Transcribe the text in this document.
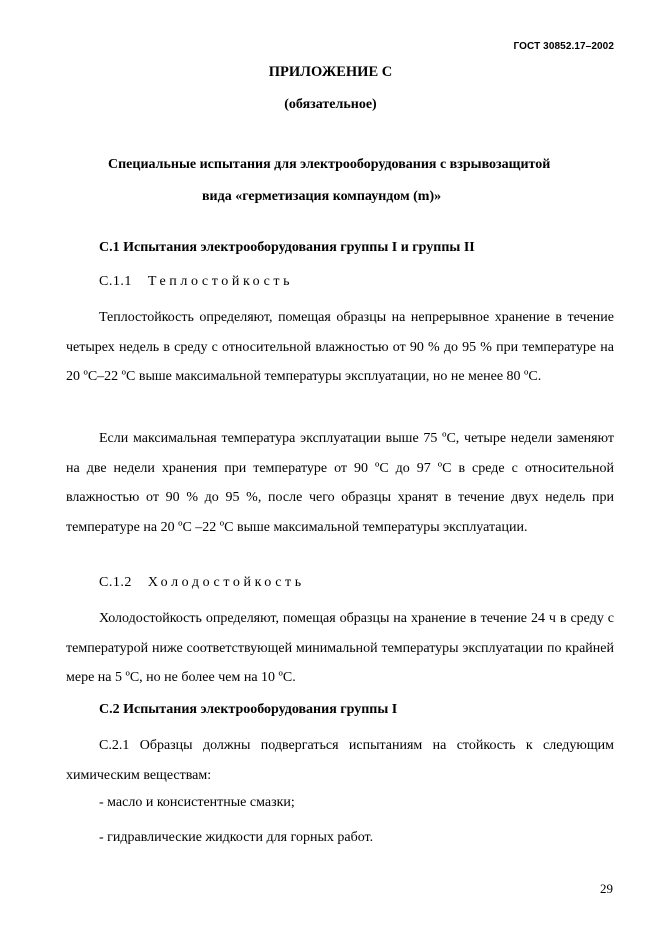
ГОСТ 30852.17–2002
ПРИЛОЖЕНИЕ С
(обязательное)
Специальные испытания для электрооборудования с взрывозащитой
вида «герметизация компаундом (m)»
С.1 Испытания электрооборудования группы I и группы II
С.1.1 Теплостойкость
Теплостойкость определяют, помещая образцы на непрерывное хранение в течение четырех недель в среду с относительной влажностью от 90 % до 95 % при температуре на 20 ºС–22 ºС выше максимальной температуры эксплуатации, но не менее 80 ºС.
Если максимальная температура эксплуатации выше 75 ºС, четыре недели заменяют на две недели хранения при температуре от 90 ºС до 97 ºС в среде с относительной влажностью от 90 % до 95 %, после чего образцы хранят в течение двух недель при температуре на 20 ºС –22 ºС выше максимальной температуры эксплуатации.
С.1.2 Холодостойкость
Холодостойкость определяют, помещая образцы на хранение в течение 24 ч в среду с температурой ниже соответствующей минимальной температуры эксплуатации по крайней мере на 5 ºС, но не более чем на 10 ºС.
С.2 Испытания электрооборудования группы I
С.2.1 Образцы должны подвергаться испытаниям на стойкость к следующим химическим веществам:
- масло и консистентные смазки;
- гидравлические жидкости для горных работ.
29
